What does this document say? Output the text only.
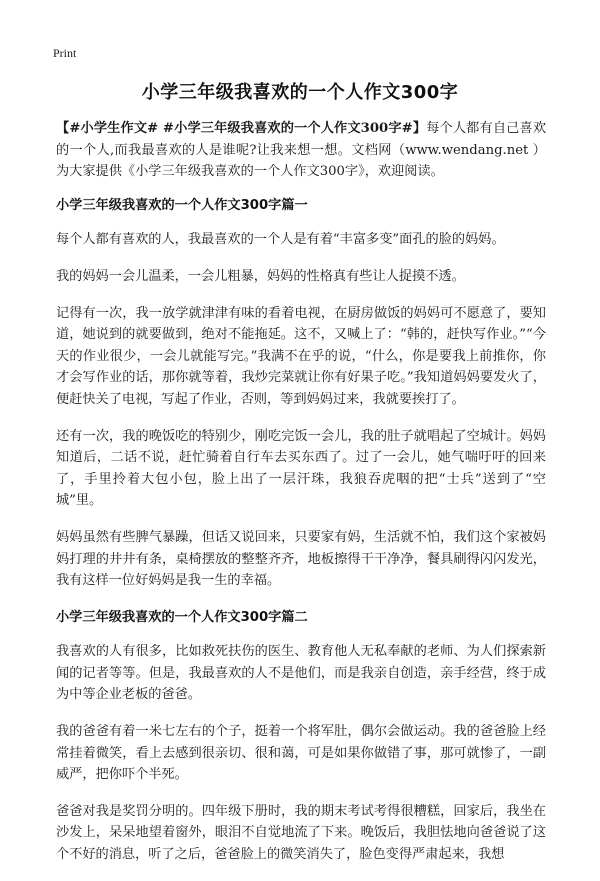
Print
小学三年级我喜欢的一个人作文300字

【#小学生作文# #小学三年级我喜欢的一个人作文300字#】每个人都有自己喜欢的一个人,而我最喜欢的人是谁呢?让我来想一想。文档网（www.wendang.net ）为大家提供《小学三年级我喜欢的一个人作文300字》，欢迎阅读。

小学三年级我喜欢的一个人作文300字篇一

每个人都有喜欢的人，我最喜欢的一个人是有着“丰富多变”面孔的脸的妈妈。

我的妈妈一会儿温柔，一会儿粗暴，妈妈的性格真有些让人捉摸不透。

记得有一次，我一放学就津津有味的看着电视，在厨房做饭的妈妈可不愿意了，要知道，她说到的就要做到，绝对不能拖延。这不，又喊上了：“韩的，赶快写作业。”“今天的作业很少，一会儿就能写完。”我满不在乎的说，“什么，你是要我上前推你，你才会写作业的话，那你就等着，我炒完菜就让你有好果子吃。”我知道妈妈要发火了，便赶快关了电视，写起了作业，否则，等到妈妈过来，我就要挨打了。

还有一次，我的晚饭吃的特别少，刚吃完饭一会儿，我的肚子就唱起了空城计。妈妈知道后，二话不说，赶忙骑着自行车去买东西了。过了一会儿，她气喘吁吁的回来了，手里拎着大包小包，脸上出了一层汗珠，我狼吞虎咽的把“士兵”送到了“空城”里。

妈妈虽然有些脾气暴躁，但话又说回来，只要家有妈，生活就不怕，我们这个家被妈妈打理的井井有条，桌椅摆放的整整齐齐，地板擦得干干净净，餐具刷得闪闪发光，我有这样一位好妈妈是我一生的幸福。

小学三年级我喜欢的一个人作文300字篇二

我喜欢的人有很多，比如救死扶伤的医生、教育他人无私奉献的老师、为人们探索新闻的记者等等。但是，我最喜欢的人不是他们，而是我亲自创造，亲手经营，终于成为中等企业老板的爸爸。

我的爸爸有着一米七左右的个子，挺着一个将军肚，偶尔会做运动。我的爸爸脸上经常挂着微笑，看上去感到很亲切、很和蔼，可是如果你做错了事，那可就惨了，一副威严，把你吓个半死。

爸爸对我是奖罚分明的。四年级下册时，我的期末考试考得很糟糕，回家后，我坐在沙发上，呆呆地望着窗外，眼泪不自觉地流了下来。晚饭后，我胆怯地向爸爸说了这个不好的消息，听了之后，爸爸脸上的微笑消失了，脸色变得严肃起来，我想
